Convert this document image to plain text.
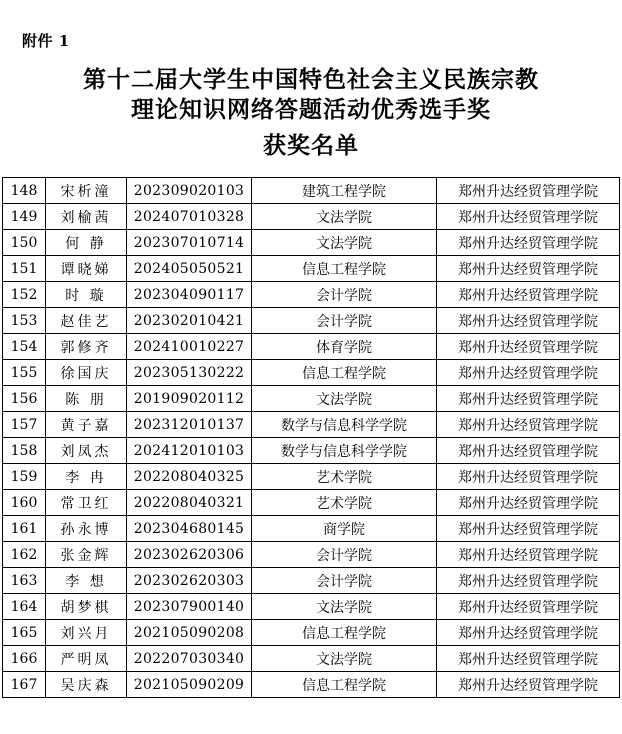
附件 1
第十二届大学生中国特色社会主义民族宗教
理论知识网络答题活动优秀选手奖
获奖名单
148	宋析潼	202309020103	建筑工程学院	郑州升达经贸管理学院
149	刘榆茜	202407010328	文法学院	郑州升达经贸管理学院
150	何 静	202307010714	文法学院	郑州升达经贸管理学院
151	谭晓娣	202405050521	信息工程学院	郑州升达经贸管理学院
152	时 璇	202304090117	会计学院	郑州升达经贸管理学院
153	赵佳艺	202302010421	会计学院	郑州升达经贸管理学院
154	郭修齐	202410010227	体育学院	郑州升达经贸管理学院
155	徐国庆	202305130222	信息工程学院	郑州升达经贸管理学院
156	陈 朋	201909020112	文法学院	郑州升达经贸管理学院
157	黄子嘉	202312010137	数学与信息科学学院	郑州升达经贸管理学院
158	刘凤杰	202412010103	数学与信息科学学院	郑州升达经贸管理学院
159	李 冉	202208040325	艺术学院	郑州升达经贸管理学院
160	常卫红	202208040321	艺术学院	郑州升达经贸管理学院
161	孙永博	202304680145	商学院	郑州升达经贸管理学院
162	张金辉	202302620306	会计学院	郑州升达经贸管理学院
163	李 想	202302620303	会计学院	郑州升达经贸管理学院
164	胡梦棋	202307900140	文法学院	郑州升达经贸管理学院
165	刘兴月	202105090208	信息工程学院	郑州升达经贸管理学院
166	严明凤	202207030340	文法学院	郑州升达经贸管理学院
167	吴庆森	202105090209	信息工程学院	郑州升达经贸管理学院
